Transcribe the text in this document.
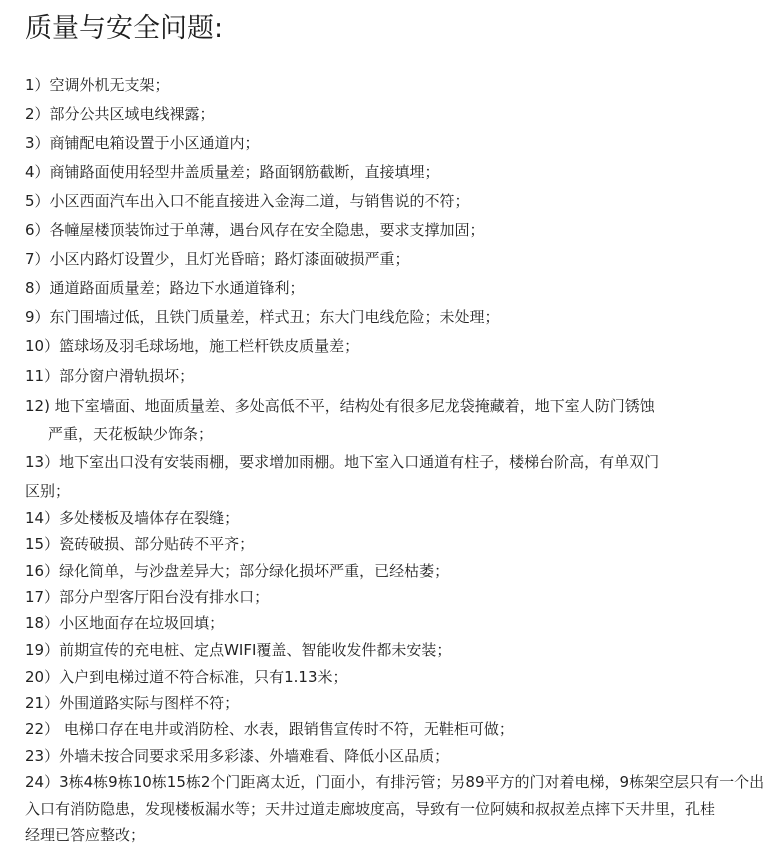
质量与安全问题:
1）空调外机无支架；
2）部分公共区域电线裸露；
3）商铺配电箱设置于小区通道内；
4）商铺路面使用轻型井盖质量差；路面钢筋截断，直接填埋；
5）小区西面汽车出入口不能直接进入金海二道，与销售说的不符；
6）各幢屋楼顶装饰过于单薄，遇台风存在安全隐患，要求支撑加固；
7）小区内路灯设置少，且灯光昏暗；路灯漆面破损严重；
8）通道路面质量差；路边下水通道锋利；
9）东门围墙过低，且铁门质量差，样式丑；东大门电线危险；未处理；
10）篮球场及羽毛球场地，施工栏杆铁皮质量差；
11）部分窗户滑轨损坏；
12) 地下室墙面、地面质量差、多处高低不平，结构处有很多尼龙袋掩藏着，地下室人防门锈蚀
严重，天花板缺少饰条；
13）地下室出口没有安装雨棚，要求增加雨棚。地下室入口通道有柱子，楼梯台阶高，有单双门
区别；
14）多处楼板及墙体存在裂缝；
15）瓷砖破损、部分贴砖不平齐；
16）绿化简单，与沙盘差异大；部分绿化损坏严重，已经枯萎；
17）部分户型客厅阳台没有排水口；
18）小区地面存在垃圾回填；
19）前期宣传的充电桩、定点WIFI覆盖、智能收发件都未安装；
20）入户到电梯过道不符合标准，只有1.13米；
21）外围道路实际与图样不符；
22） 电梯口存在电井或消防栓、水表，跟销售宣传时不符，无鞋柜可做；
23）外墙未按合同要求采用多彩漆、外墙难看、降低小区品质；
24）3栋4栋9栋10栋15栋2个门距离太近，门面小，有排污管；另89平方的门对着电梯，9栋架空层只有一个出
入口有消防隐患，发现楼板漏水等；天井过道走廊坡度高，导致有一位阿姨和叔叔差点摔下天井里，孔桂
经理已答应整改；
